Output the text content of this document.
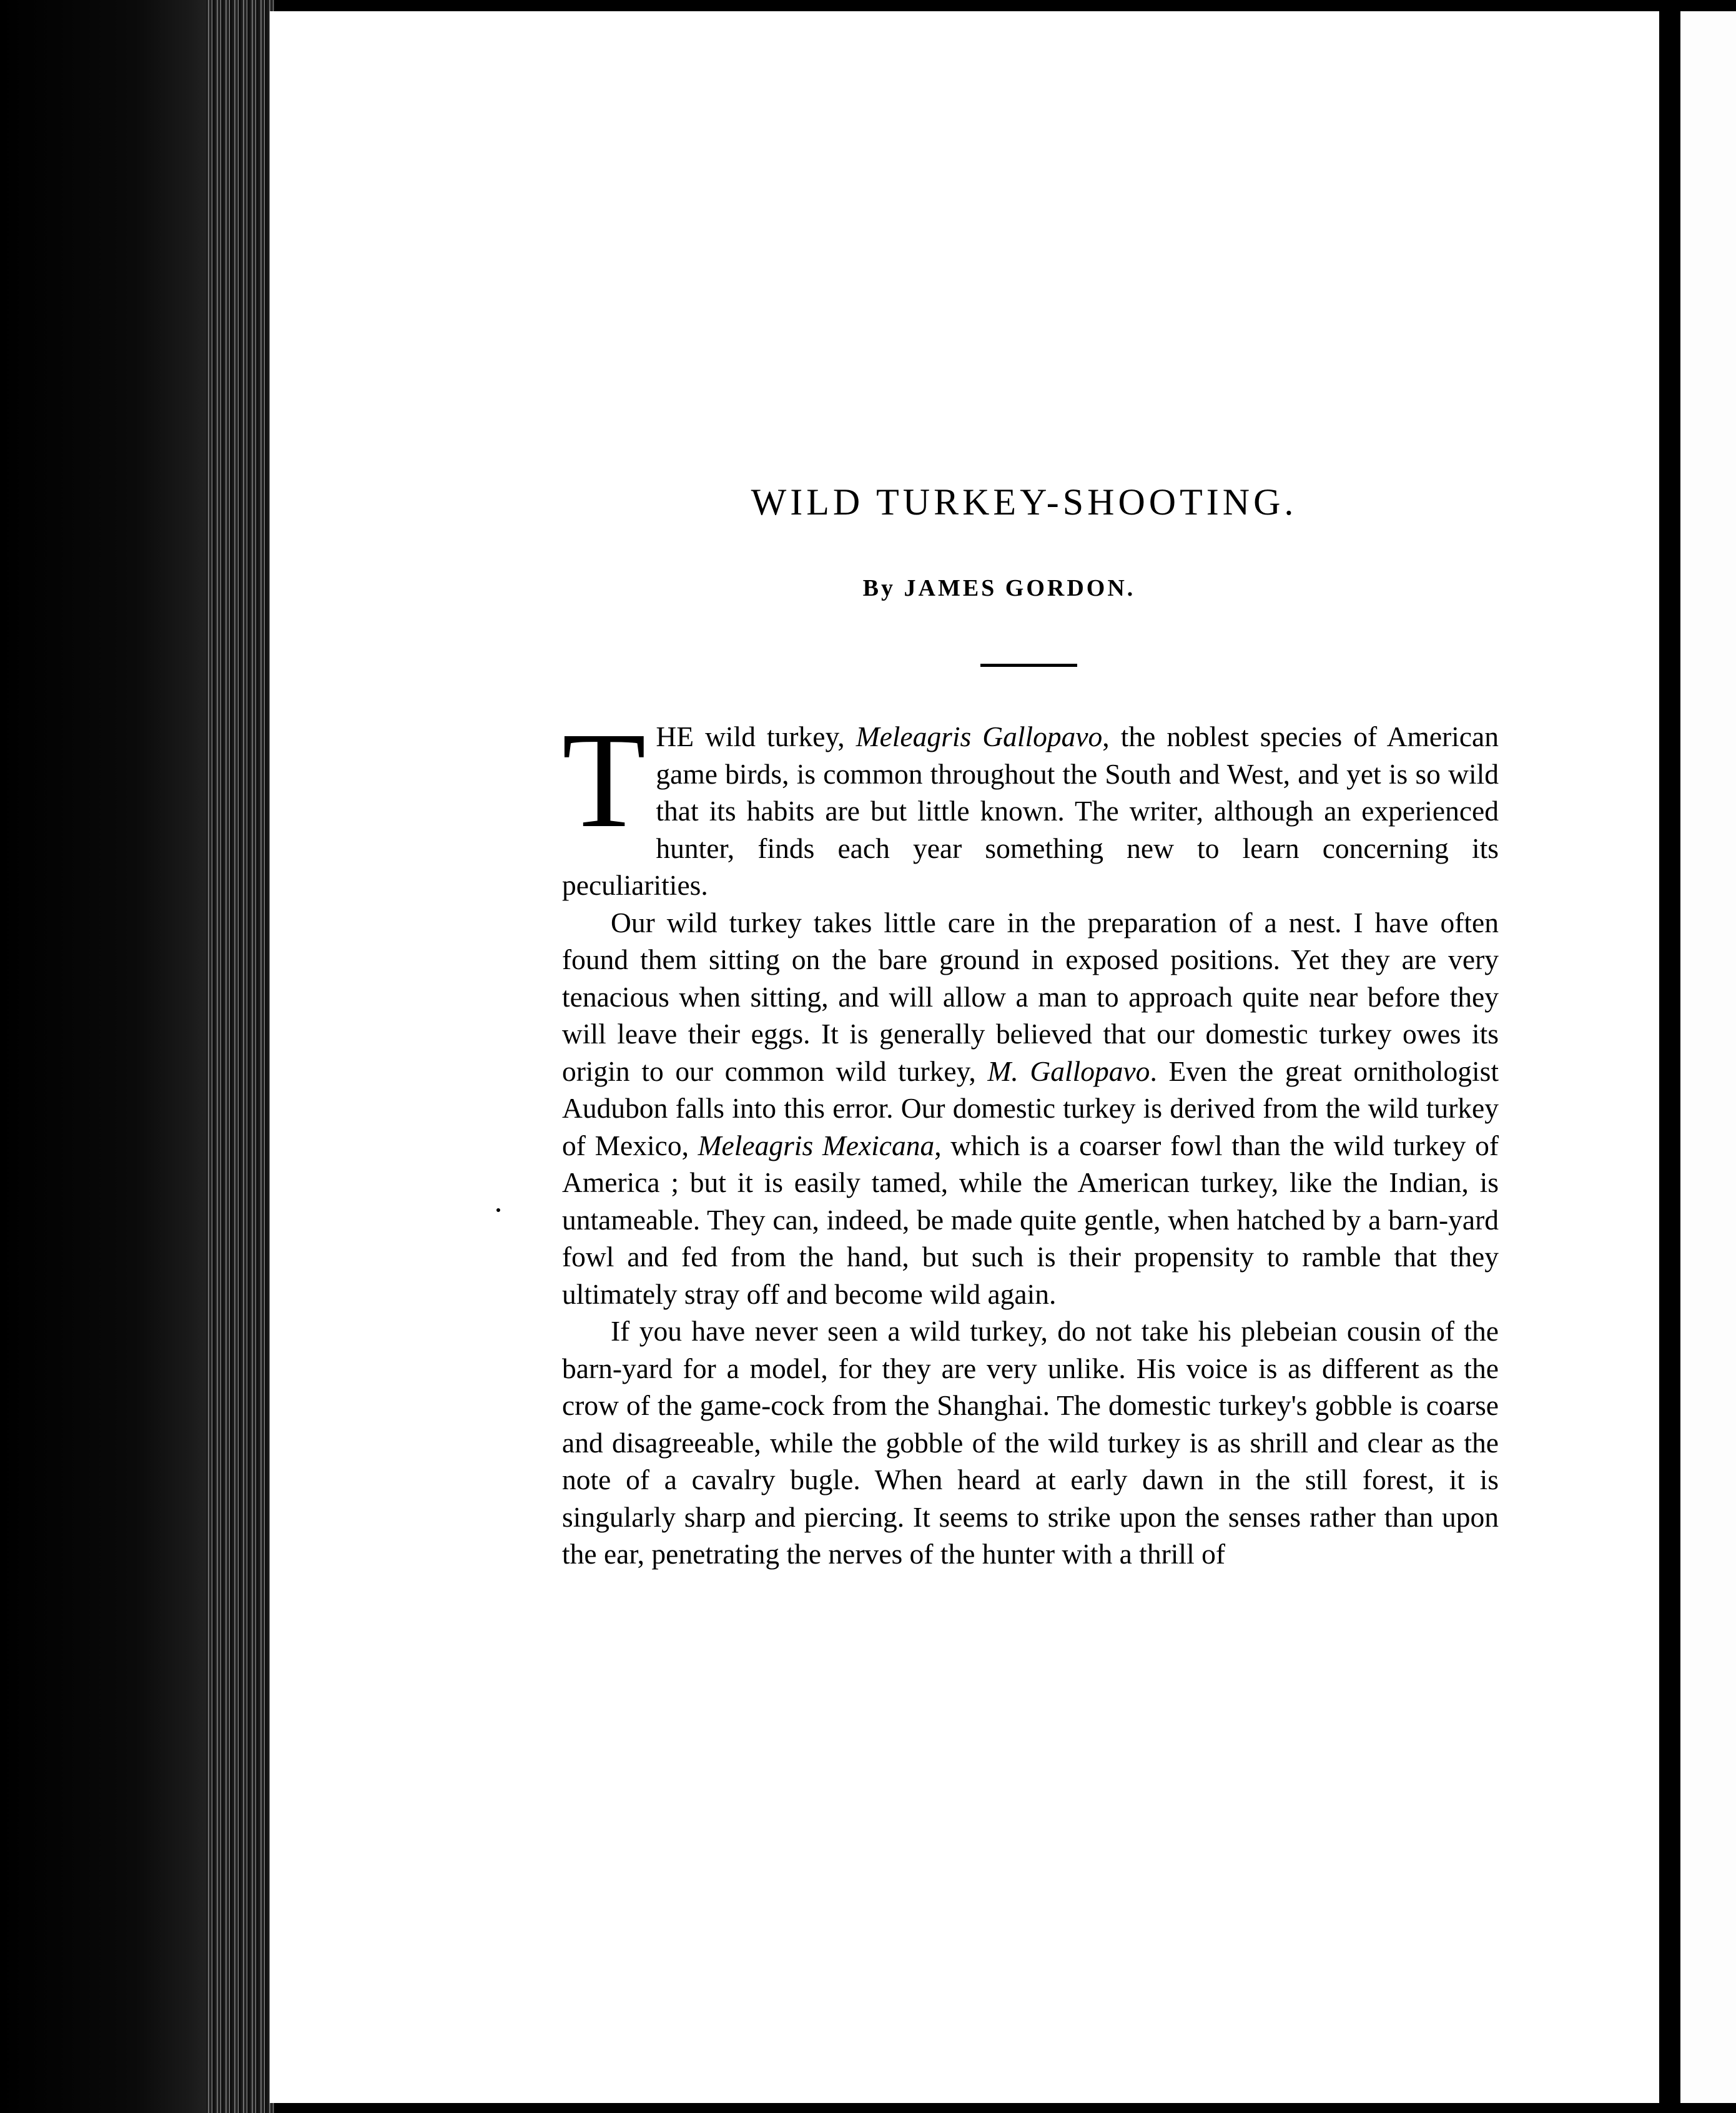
WILD TURKEY-SHOOTING.
By JAMES GORDON.

THE wild turkey, Meleagris Gallopavo, the noblest species of American game birds, is common throughout the South and West, and yet is so wild that its habits are but little known. The writer, although an experienced hunter, finds each year something new to learn concerning its peculiarities.

Our wild turkey takes little care in the preparation of a nest. I have often found them sitting on the bare ground in exposed positions. Yet they are very tenacious when sitting, and will allow a man to approach quite near before they will leave their eggs. It is generally believed that our domestic turkey owes its origin to our common wild turkey, M. Gallopavo. Even the great ornithologist Audubon falls into this error. Our domestic turkey is derived from the wild turkey of Mexico, Meleagris Mexicana, which is a coarser fowl than the wild turkey of America ; but it is easily tamed, while the American turkey, like the Indian, is untameable. They can, indeed, be made quite gentle, when hatched by a barn-yard fowl and fed from the hand, but such is their propensity to ramble that they ultimately stray off and become wild again.

If you have never seen a wild turkey, do not take his plebeian cousin of the barn-yard for a model, for they are very unlike. His voice is as different as the crow of the game-cock from the Shanghai. The domestic turkey's gobble is coarse and disagreeable, while the gobble of the wild turkey is as shrill and clear as the note of a cavalry bugle. When heard at early dawn in the still forest, it is singularly sharp and piercing. It seems to strike upon the senses rather than upon the ear, penetrating the nerves of the hunter with a thrill of
